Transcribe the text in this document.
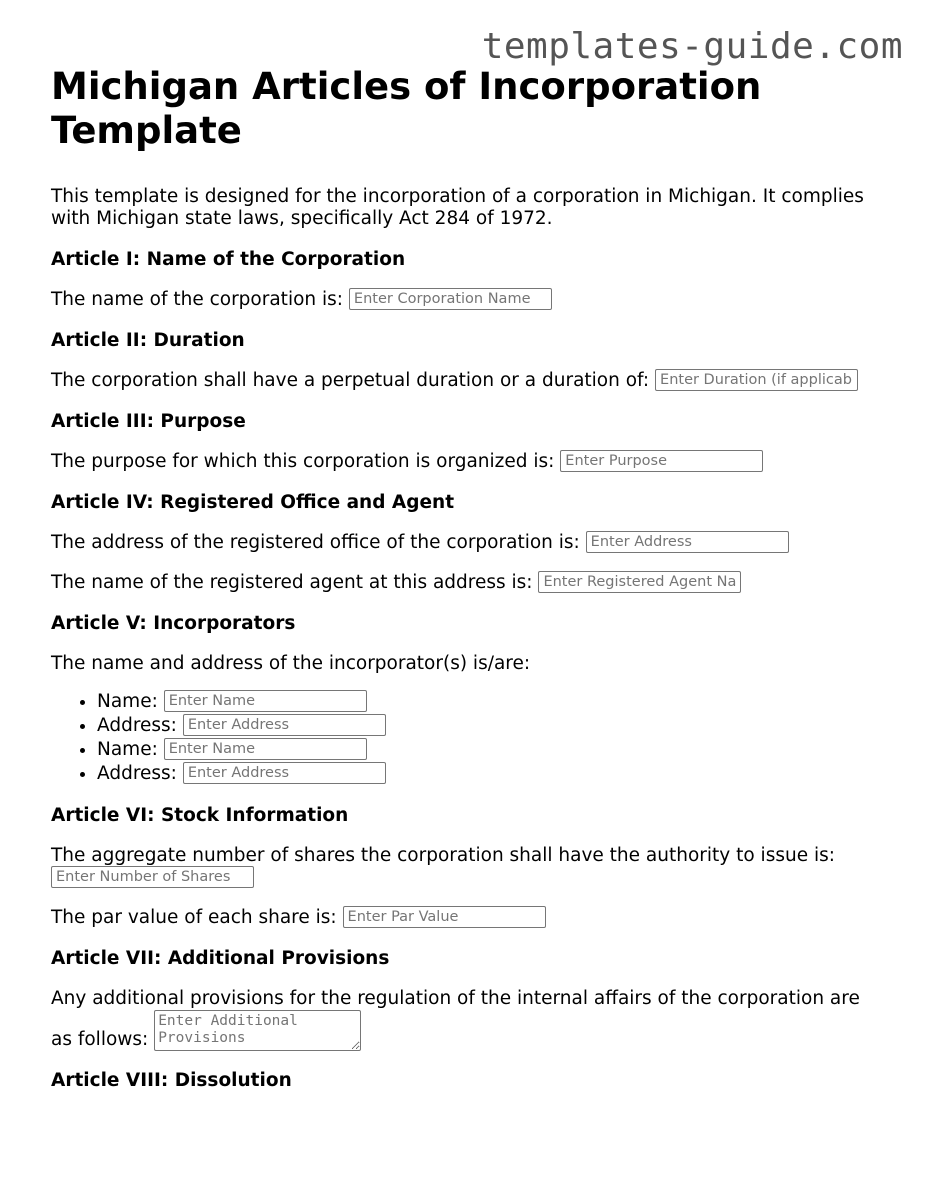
templates-guide.com
Michigan Articles of Incorporation Template

This template is designed for the incorporation of a corporation in Michigan. It complies with Michigan state laws, specifically Act 284 of 1972.

Article I: Name of the Corporation

The name of the corporation is: Enter Corporation Name

Article II: Duration

The corporation shall have a perpetual duration or a duration of: Enter Duration (if applicable)

Article III: Purpose

The purpose for which this corporation is organized is: Enter Purpose

Article IV: Registered Office and Agent

The address of the registered office of the corporation is: Enter Address

The name of the registered agent at this address is: Enter Registered Agent Name

Article V: Incorporators

The name and address of the incorporator(s) is/are:

• Name: Enter Name
• Address: Enter Address
• Name: Enter Name
• Address: Enter Address
Article VI: Stock Information

The aggregate number of shares the corporation shall have the authority to issue is: Enter Number of Shares

The par value of each share is: Enter Par Value

Article VII: Additional Provisions

Any additional provisions for the regulation of the internal affairs of the corporation are as follows: Enter Additional Provisions

Article VIII: Dissolution
